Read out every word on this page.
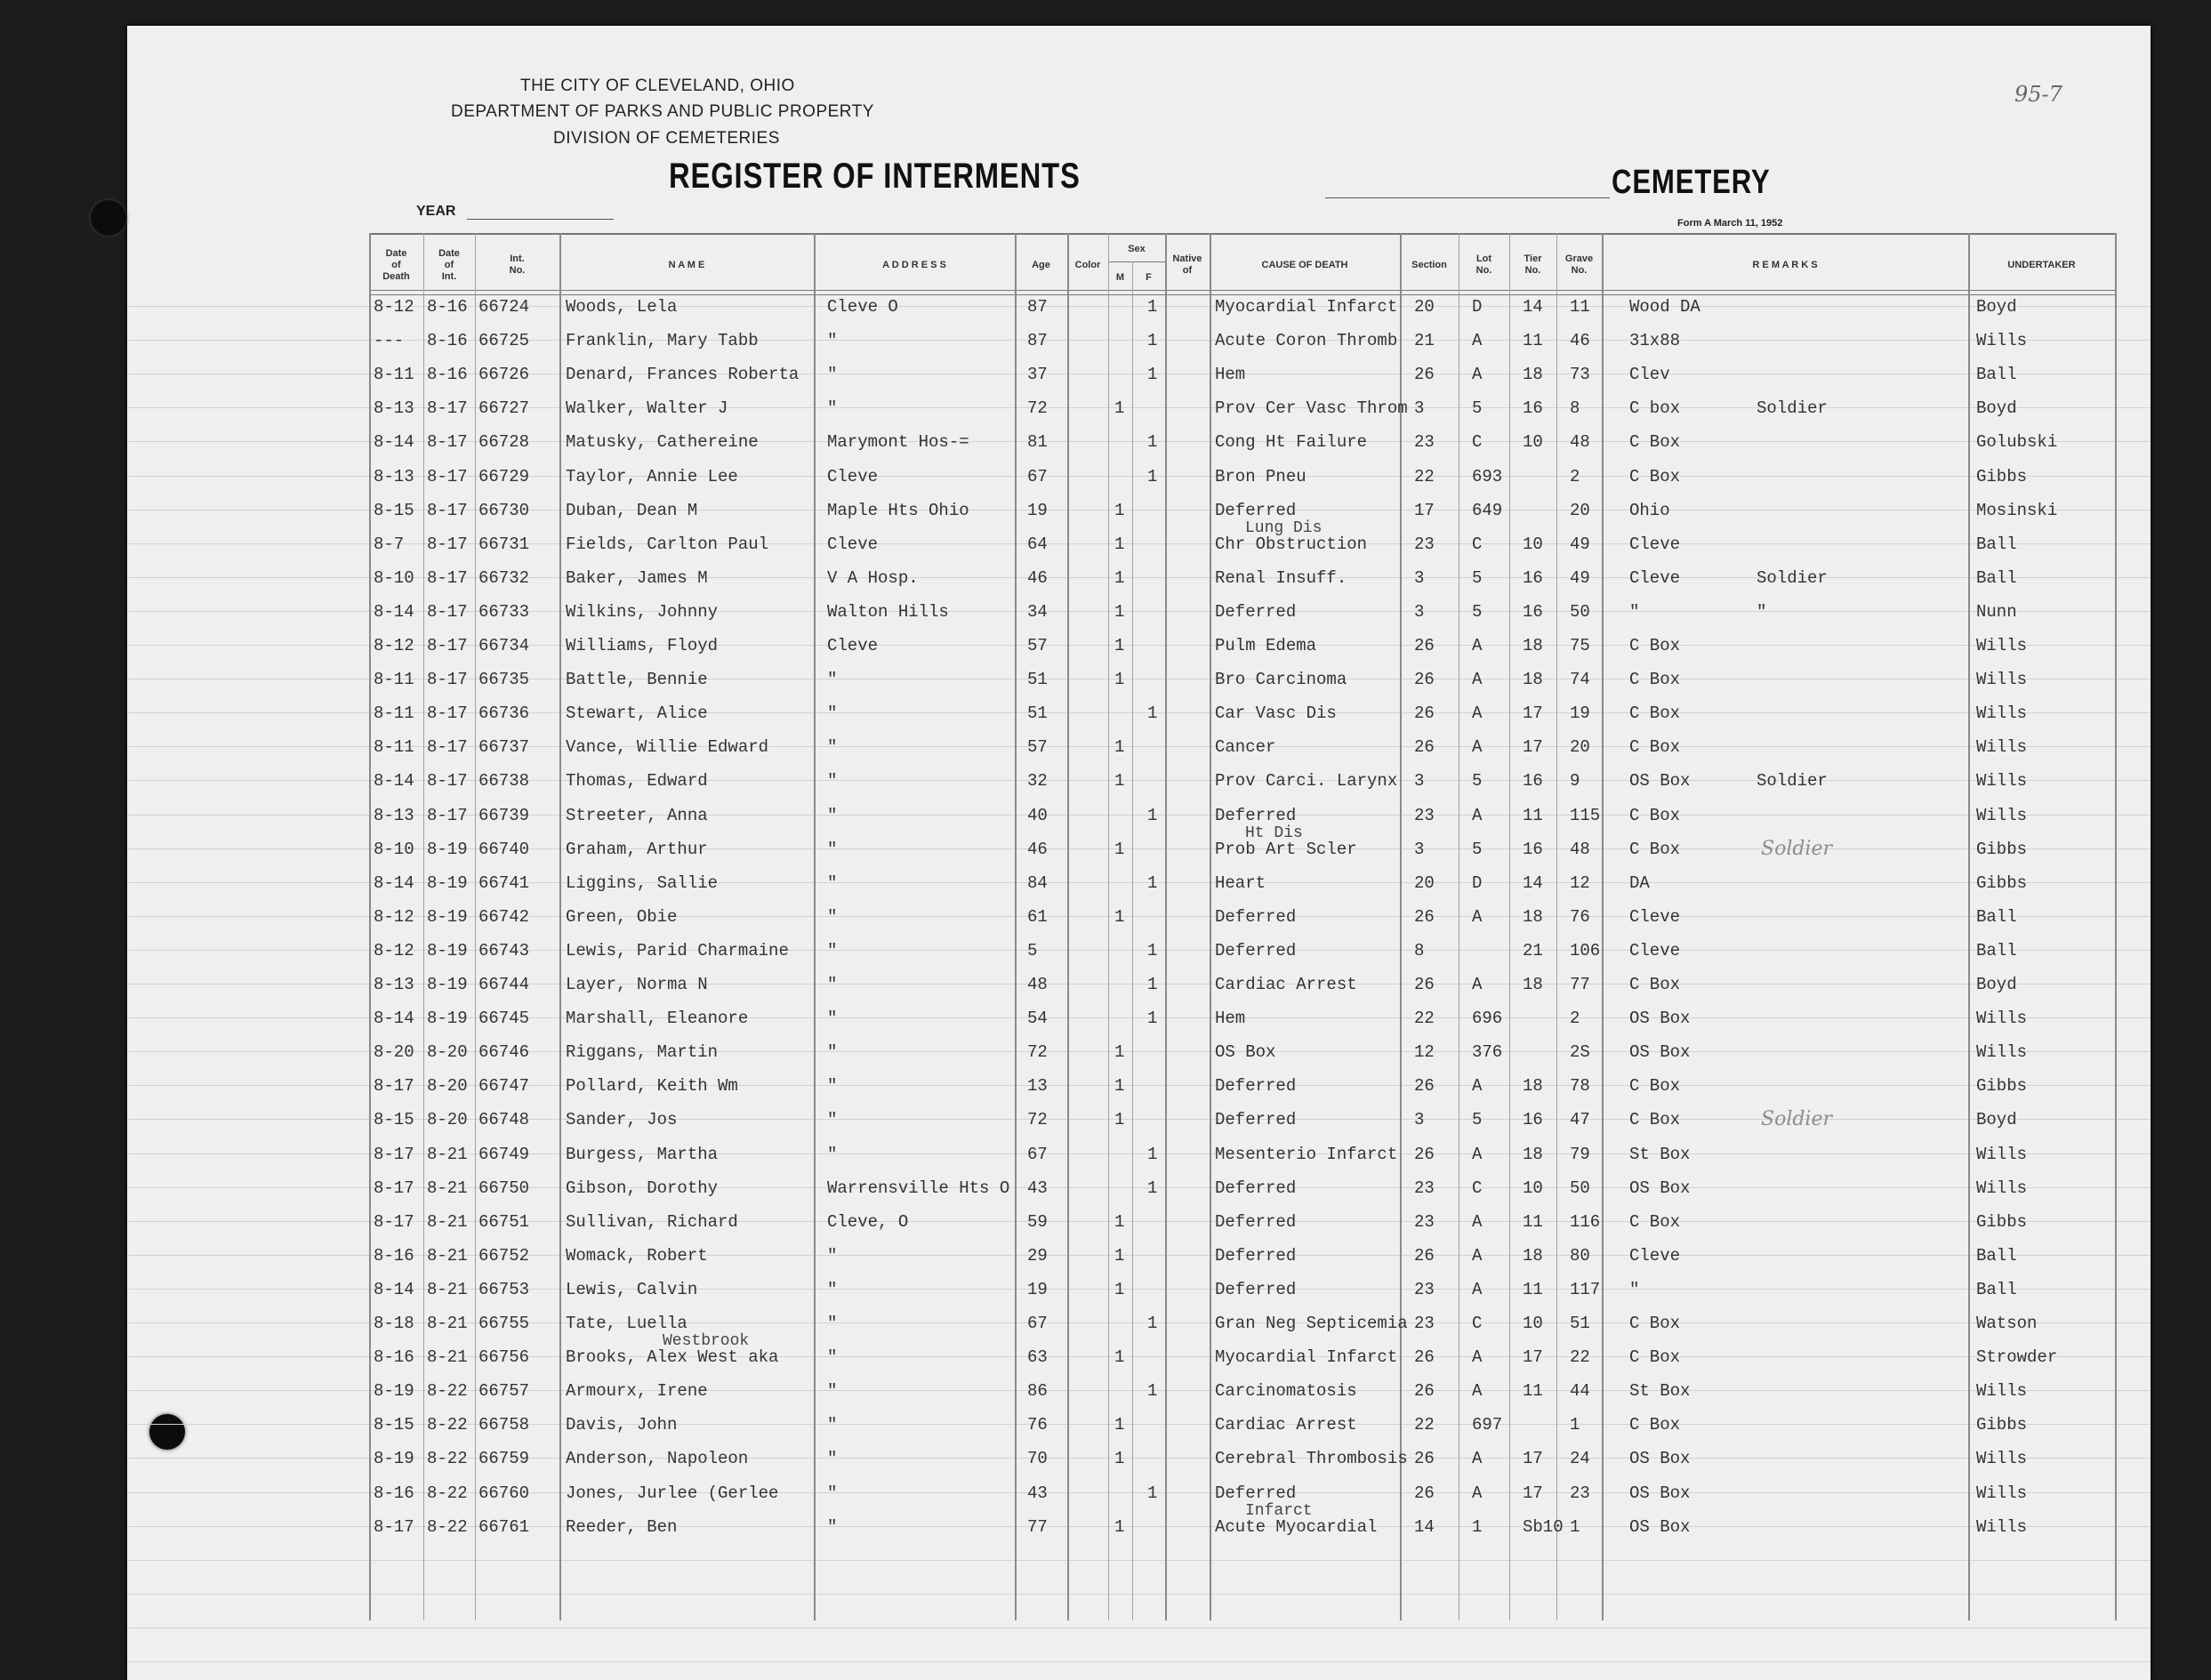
THE CITY OF CLEVELAND, OHIO
DEPARTMENT OF PARKS AND PUBLIC PROPERTY
DIVISION OF CEMETERIES
REGISTER OF INTERMENTS
YEAR
CEMETERY
Form A March 11, 1952
95-7
Date
of
Death
Date
of
Int.
Int.
No.
N A M E	A D D R E S S	Age	Color
M	F
Native
of
CAUSE OF DEATH	Section
Lot
No.
Tier
No.
Grave
No.
R E M A R K S	UNDERTAKER
Sex
8-12 8-16 66724 Woods, Lela	Cleve O	87	1	Myocardial Infarct 20 D 14 11 Wood DA	Boyd
--- 8-16 66725 Franklin, Mary Tabb	"	87	1	Acute Coron Thromb 21 A 11 46 31x88	Wills
8-11 8-16 66726 Denard, Frances Roberta "	37	1	Hem	26 A 18 73 Clev	Ball
8-13 8-17 66727 Walker, Walter J	"	72	1	Prov Cer Vasc Throm 3	5 16 8	C box	Soldier	Boyd
8-14 8-17 66728 Matusky, Cathereine	Marymont Hos-=	81	1	Cong Ht Failure	23 C 10 48 C Box	Golubski
8-13 8-17 66729 Taylor, Annie Lee	Cleve	67	1	Bron Pneu	22 693	2	C Box	Gibbs
8-15 8-17 66730 Duban, Dean M	Maple Hts Ohio	19	1	Deferred	17 649	20 Ohio	Mosinski
8-7 8-17 66731 Fields, Carlton Paul	Cleve	64	1	Chr Obstruction	23 C 10 49 Cleve	Ball
Lung Dis
8-10 8-17 66732 Baker, James M	V A Hosp.	46	1	Renal Insuff.	3	5 16 49 Cleve	Soldier	Ball
8-14 8-17 66733 Wilkins, Johnny	Walton Hills	34	1	Deferred	3	5 16 50 "	"	Nunn
8-12 8-17 66734 Williams, Floyd	Cleve	57	1	Pulm Edema	26 A 18 75 C Box	Wills
8-11 8-17 66735 Battle, Bennie	"	51	1	Bro Carcinoma	26 A 18 74 C Box	Wills
8-11 8-17 66736 Stewart, Alice	"	51	1	Car Vasc Dis	26 A 17 19 C Box	Wills
8-11 8-17 66737 Vance, Willie Edward	"	57	1	Cancer	26 A 17 20 C Box	Wills
8-14 8-17 66738 Thomas, Edward	"	32	1	Prov Carci. Larynx 3	5 16 9	OS Box	Soldier	Wills
8-13 8-17 66739 Streeter, Anna	"	40	1	Deferred	23 A 11 115 C Box	Wills
8-10 8-19 66740 Graham, Arthur	"	46	1	Prob Art Scler	3	5 16 48 C Box	Gibbs
Soldier
Ht Dis
8-14 8-19 66741 Liggins, Sallie	"	84	1	Heart	20 D 14 12 DA	Gibbs
8-12 8-19 66742 Green, Obie	"	61	1	Deferred	26 A 18 76 Cleve	Ball
8-12 8-19 66743 Lewis, Parid Charmaine "	5	1	Deferred	8	21 106 Cleve	Ball
8-13 8-19 66744 Layer, Norma N	"	48	1	Cardiac Arrest	26 A 18 77 C Box	Boyd
8-14 8-19 66745 Marshall, Eleanore	"	54	1	Hem	22 696	2	OS Box	Wills
8-20 8-20 66746 Riggans, Martin	"	72	1	OS Box	12 376	2S OS Box	Wills
8-17 8-20 66747 Pollard, Keith Wm	"	13	1	Deferred	26 A 18 78 C Box	Gibbs
8-15 8-20 66748 Sander, Jos	"	72	1	Deferred	3	5 16 47 C Box	Boyd
Soldier
8-17 8-21 66749 Burgess, Martha	"	67	1	Mesenterio Infarct 26 A 18 79 St Box	Wills
8-17 8-21 66750 Gibson, Dorothy	Warrensville Hts O 43	1	Deferred	23 C 10 50 OS Box	Wills
8-17 8-21 66751 Sullivan, Richard	Cleve, O	59	1	Deferred	23 A 11 116 C Box	Gibbs
8-16 8-21 66752 Womack, Robert	"	29	1	Deferred	26 A 18 80 Cleve	Ball
8-14 8-21 66753 Lewis, Calvin	"	19	1	Deferred	23 A 11 117 "	Ball
8-18 8-21 66755 Tate, Luella	"	67	1	Gran Neg Septicemia 23 C 10 51 C Box	Watson
8-16 8-21 66756 Brooks, Alex West aka	"	63	1	Myocardial Infarct 26 A 17 22 C Box	Strowder
Westbrook
8-19 8-22 66757 Armourx, Irene	"	86	1	Carcinomatosis	26 A 11 44 St Box	Wills
8-15 8-22 66758 Davis, John	"	76	1	Cardiac Arrest	22 697	1	C Box	Gibbs
8-19 8-22 66759 Anderson, Napoleon	"	70	1	Cerebral Thrombosis 26 A 17 24 OS Box	Wills
8-16 8-22 66760 Jones, Jurlee (Gerlee	"	43	1	Deferred	26 A 17 23 OS Box	Wills
8-17 8-22 66761 Reeder, Ben	"	77	1	Acute Myocardial 14 1 Sb10 1	OS Box	Wills
Infarct
